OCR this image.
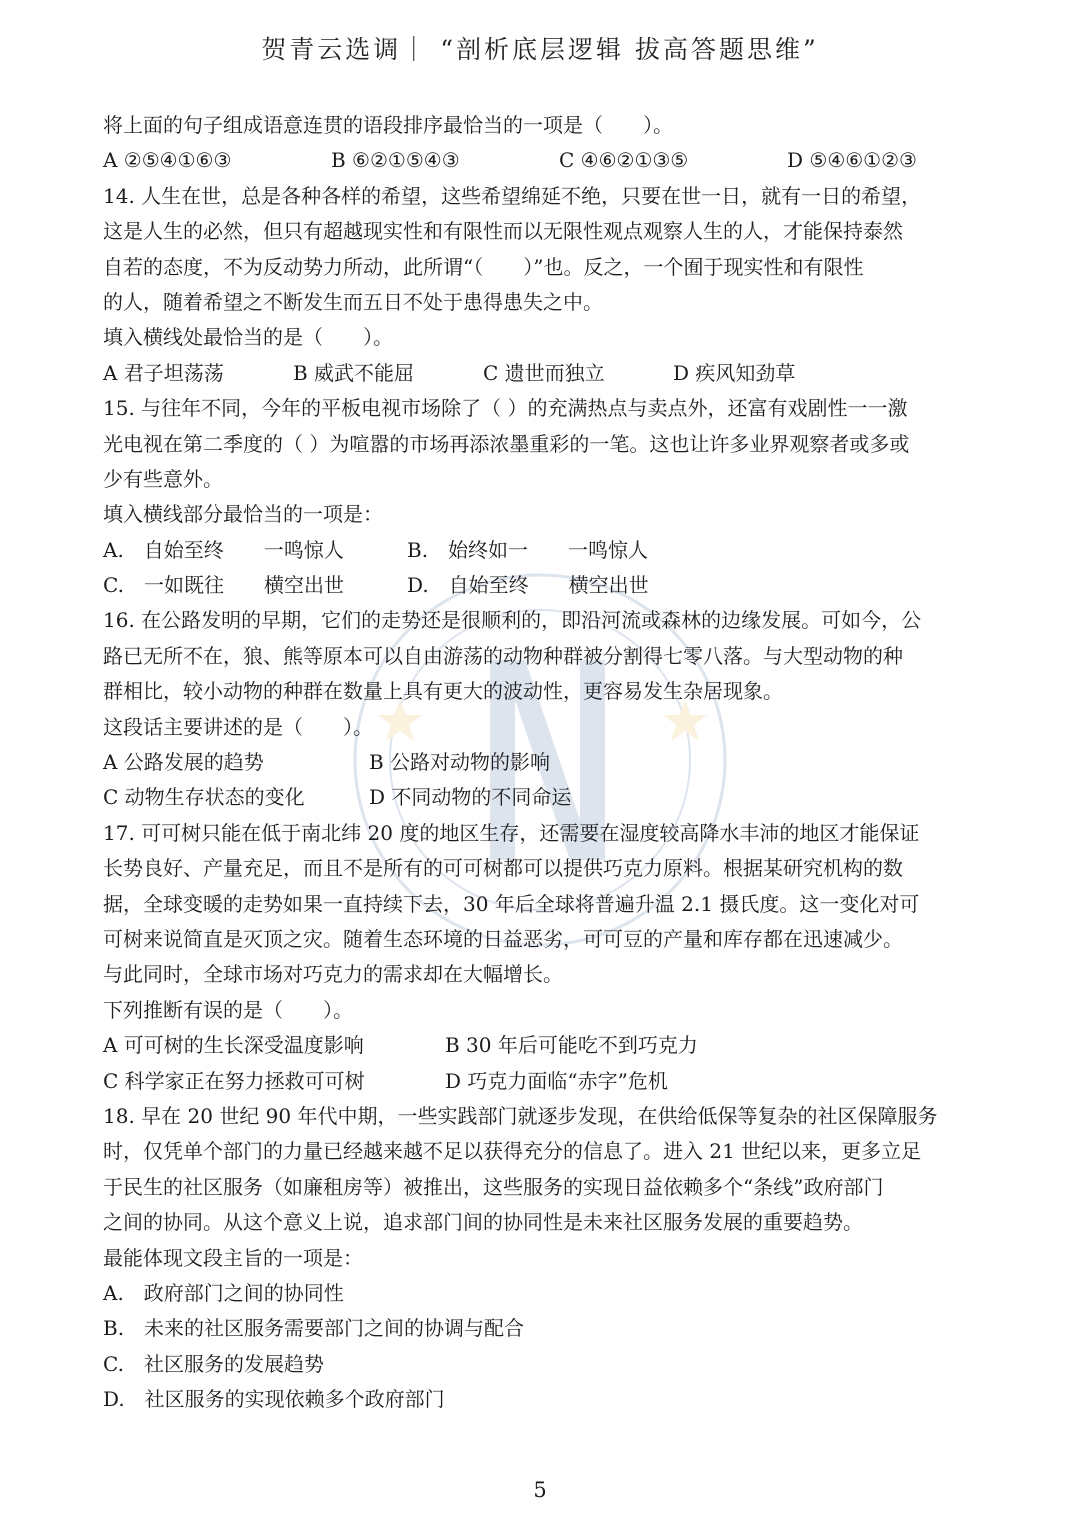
贺青云选调｜ “剖析底层逻辑 拔高答题思维”
将上面的句子组成语意连贯的语段排序最恰当的一项是（　　）。
A ②⑤④①⑥③	B ⑥②①⑤④③	C ④⑥②①③⑤	D ⑤④⑥①②③
14. 人生在世，总是各种各样的希望，这些希望绵延不绝，只要在世一日，就有一日的希望，
这是人生的必然，但只有超越现实性和有限性而以无限性观点观察人生的人，才能保持泰然
自若的态度，不为反动势力所动，此所谓“（　　）”也。反之，一个囿于现实性和有限性
的人，随着希望之不断发生而五日不处于患得患失之中。
填入横线处最恰当的是（　　）。
A 君子坦荡荡	B 威武不能屈	C 遗世而独立	D 疾风知劲草
15. 与往年不同，今年的平板电视市场除了（ ）的充满热点与卖点外，还富有戏剧性一一激
光电视在第二季度的（ ）为喧嚣的市场再添浓墨重彩的一笔。这也让许多业界观察者或多或
少有些意外。
填入横线部分最恰当的一项是：
A.　自始至终　　一鸣惊人	B.　始终如一　　一鸣惊人
C.　一如既往　　横空出世	D.　自始至终　　横空出世
16. 在公路发明的早期，它们的走势还是很顺利的，即沿河流或森林的边缘发展。可如今，公
路已无所不在，狼、熊等原本可以自由游荡的动物种群被分割得七零八落。与大型动物的种
群相比，较小动物的种群在数量上具有更大的波动性，更容易发生杂居现象。
这段话主要讲述的是（　　）。
A 公路发展的趋势	B 公路对动物的影响
C 动物生存状态的变化	D 不同动物的不同命运
17. 可可树只能在低于南北纬 20 度的地区生存，还需要在湿度较高降水丰沛的地区才能保证
长势良好、产量充足，而且不是所有的可可树都可以提供巧克力原料。根据某研究机构的数
据，全球变暖的走势如果一直持续下去，30 年后全球将普遍升温 2.1 摄氏度。这一变化对可
可树来说简直是灭顶之灾。随着生态环境的日益恶劣，可可豆的产量和库存都在迅速减少。
与此同时，全球市场对巧克力的需求却在大幅增长。
下列推断有误的是（　　）。
A 可可树的生长深受温度影响	B 30 年后可能吃不到巧克力
C 科学家正在努力拯救可可树	D 巧克力面临“赤字”危机
18. 早在 20 世纪 90 年代中期，一些实践部门就逐步发现，在供给低保等复杂的社区保障服务
时，仅凭单个部门的力量已经越来越不足以获得充分的信息了。进入 21 世纪以来，更多立足
于民生的社区服务（如廉租房等）被推出，这些服务的实现日益依赖多个“条线”政府部门
之间的协同。从这个意义上说，追求部门间的协同性是未来社区服务发展的重要趋势。
最能体现文段主旨的一项是：
A.　政府部门之间的协同性
B.　未来的社区服务需要部门之间的协调与配合
C.　社区服务的发展趋势
D.　社区服务的实现依赖多个政府部门
5
